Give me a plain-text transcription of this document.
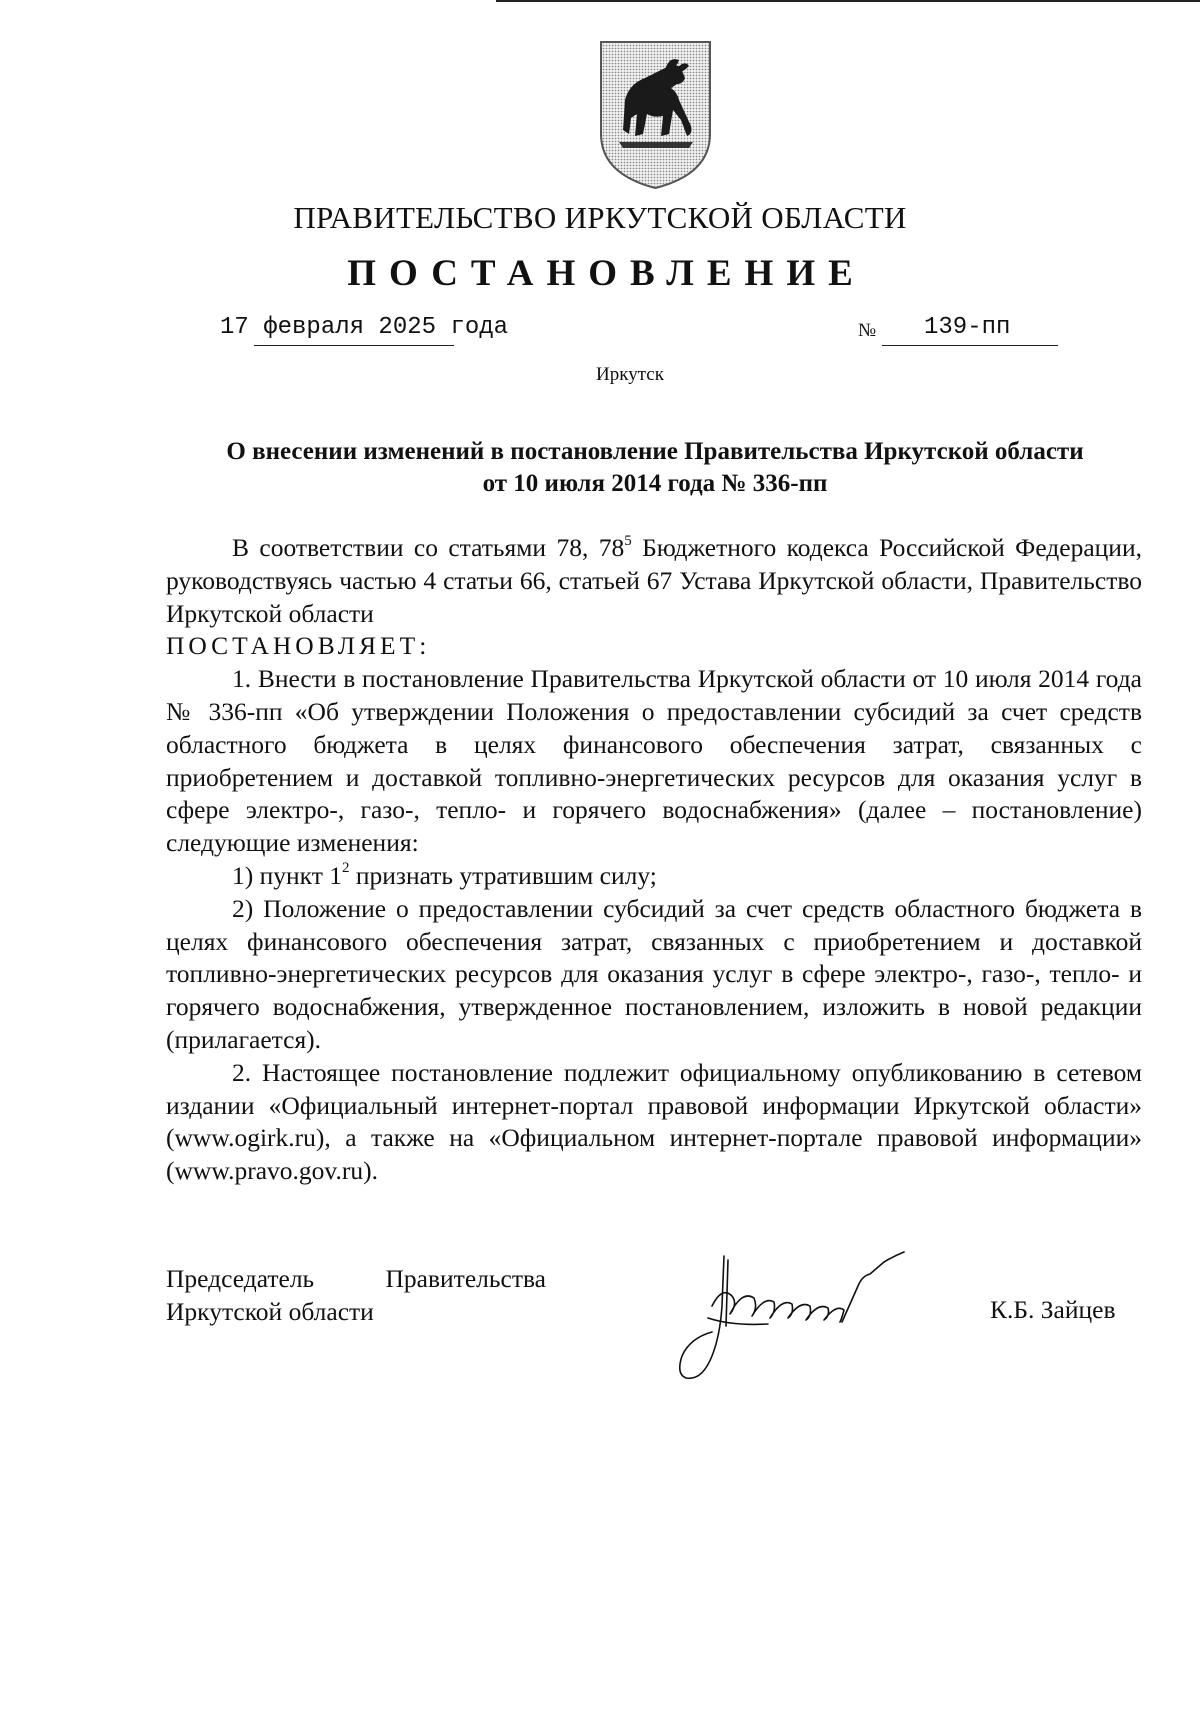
ПРАВИТЕЛЬСТВО ИРКУТСКОЙ ОБЛАСТИ
ПОСТАНОВЛЕНИЕ
17 февраля 2025 года	№ 139-пп
Иркутск
О внесении изменений в постановление Правительства Иркутской области
от 10 июля 2014 года № 336-пп

В соответствии со статьями 78, $78^5$ Бюджетного кодекса Российской Федерации, руководствуясь частью 4 статьи 66, статьей 67 Устава Иркутской области, Правительство Иркутской области

ПОСТАНОВЛЯЕТ:

1. Внести в постановление Правительства Иркутской области от 10 июля 2014 года № 336-пп «Об утверждении Положения о предоставлении субсидий за счет средств областного бюджета в целях финансового обеспечения затрат, связанных с приобретением и доставкой топливно-энергетических ресурсов для оказания услуг в сфере электро-, газо-, тепло- и горячего водоснабжения» (далее – постановление) следующие изменения:

1) пункт $1^2$ признать утратившим силу;

2) Положение о предоставлении субсидий за счет средств областного бюджета в целях финансового обеспечения затрат, связанных с приобретением и доставкой топливно-энергетических ресурсов для оказания услуг в сфере электро-, газо-, тепло- и горячего водоснабжения, утвержденное постановлением, изложить в новой редакции (прилагается).

2. Настоящее постановление подлежит официальному опубликованию в сетевом издании «Официальный интернет-портал правовой информации Иркутской области» (www.ogirk.ru), а также на «Официальном интернет-портале правовой информации» (www.pravo.gov.ru).

Председатель	Правительства
Иркутской области	К.Б. Зайцев
